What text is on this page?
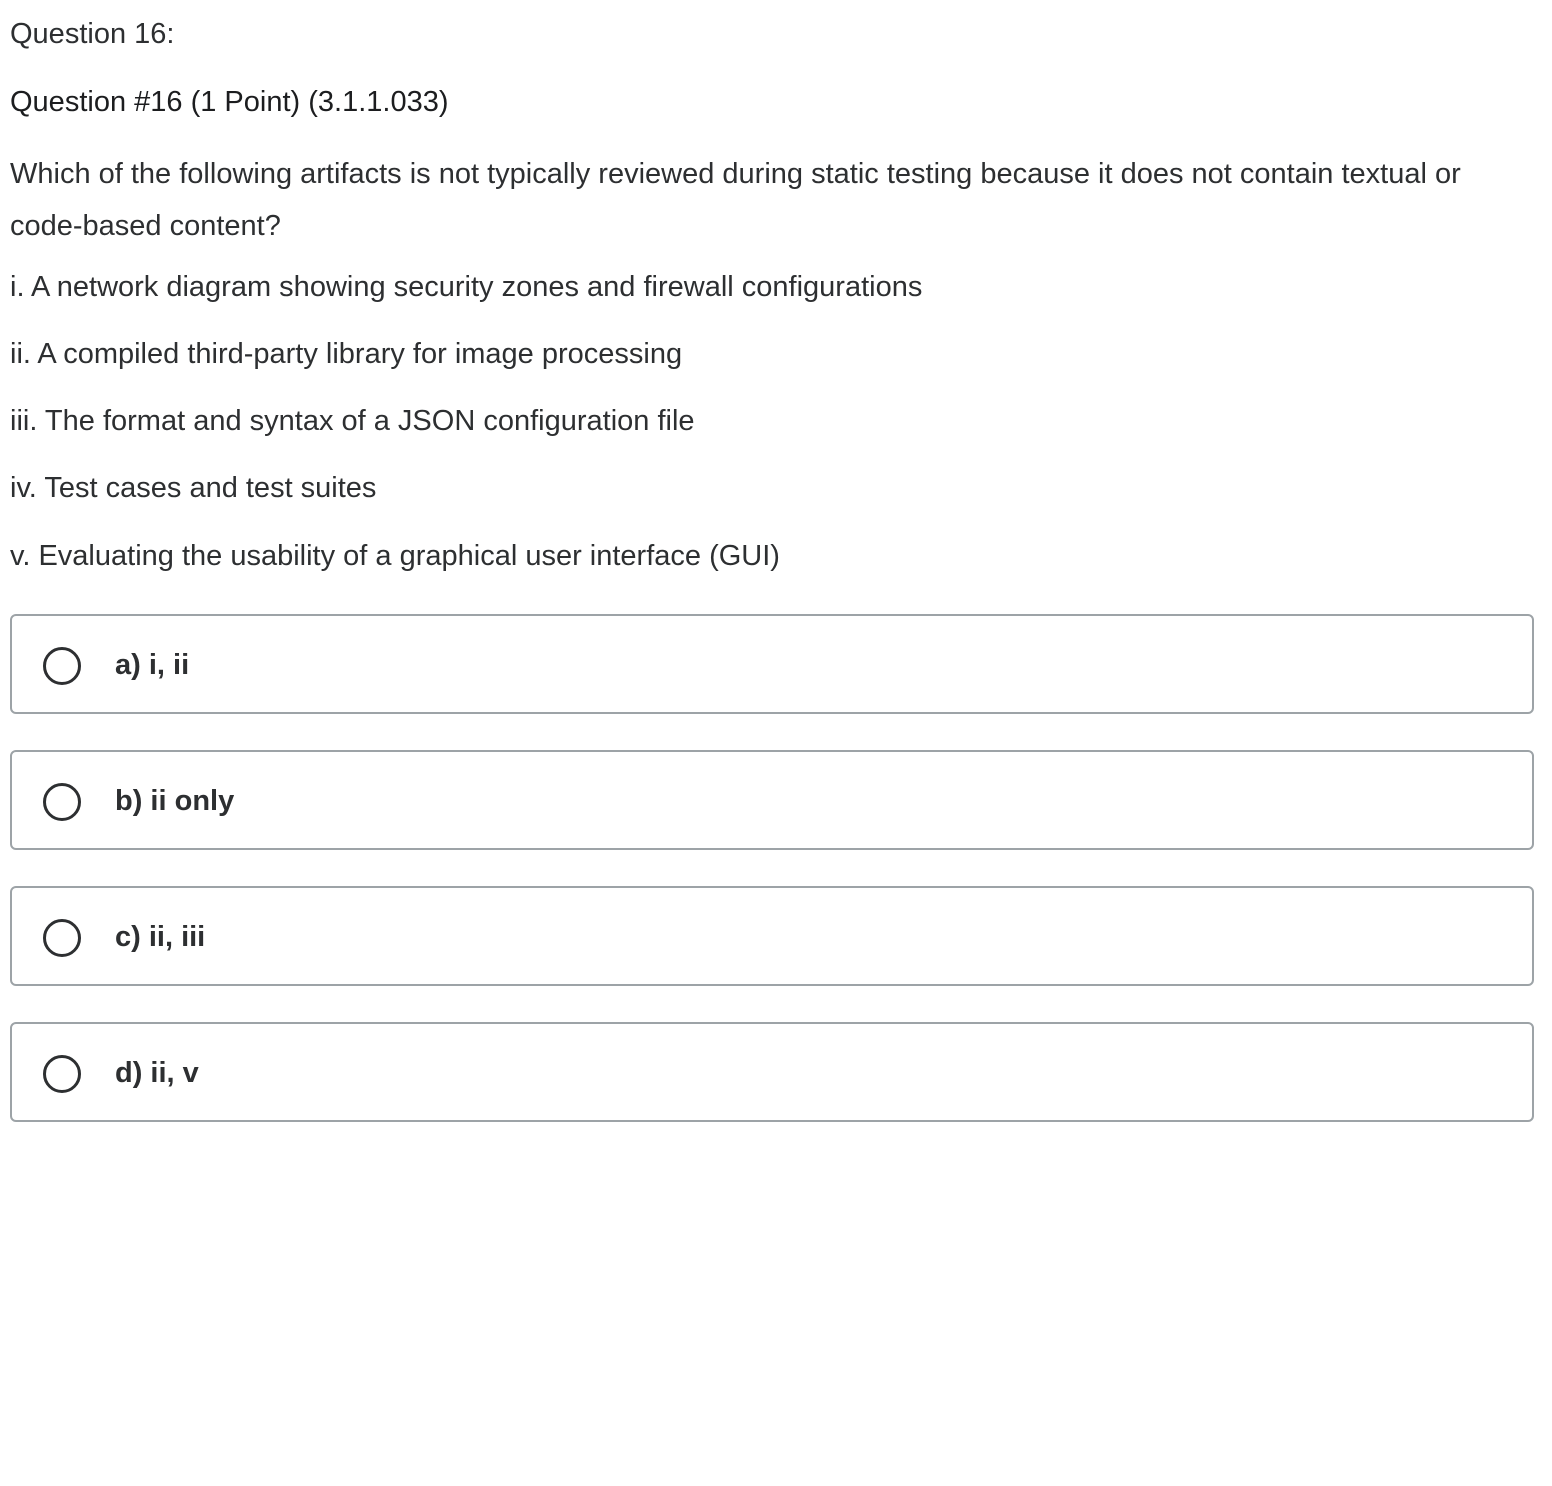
Question 16:
Question #16 (1 Point) (3.1.1.033)
Which of the following artifacts is not typically reviewed during static testing because it does not contain textual or code-based content?
i. A network diagram showing security zones and firewall configurations
ii. A compiled third-party library for image processing
iii. The format and syntax of a JSON configuration file
iv. Test cases and test suites
v. Evaluating the usability of a graphical user interface (GUI)
a) i, ii
b) ii only
c) ii, iii
d) ii, v
